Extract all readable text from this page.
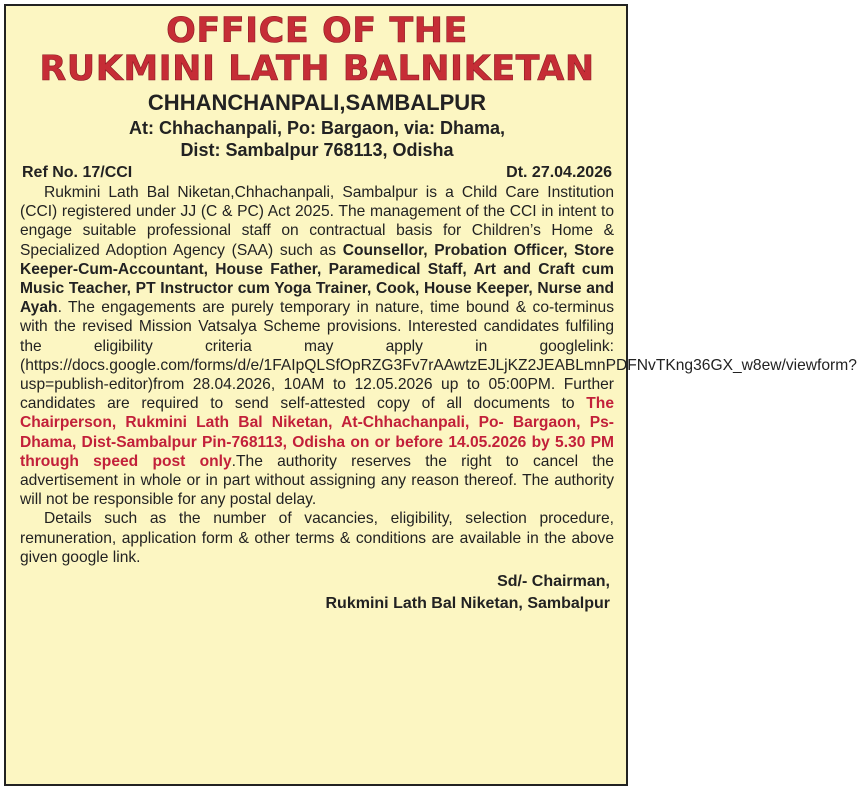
OFFICE OF THE
RUKMINI LATH BALNIKETAN
CHHANCHANPALI,SAMBALPUR
At: Chhachanpali, Po: Bargaon, via: Dhama,
Dist: Sambalpur 768113, Odisha
Ref No. 17/CCI	Dt. 27.04.2026

Rukmini Lath Bal Niketan,Chhachanpali, Sambalpur is a Child Care Institution (CCI) registered under JJ (C & PC) Act 2025. The management of the CCI in intent to engage suitable professional staff on contractual basis for Children’s Home & Specialized Adoption Agency (SAA) such as Counsellor, Probation Officer, Store Keeper-Cum-Accountant, House Father, Paramedical Staff, Art and Craft cum Music Teacher, PT Instructor cum Yoga Trainer, Cook, House Keeper, Nurse and Ayah. The engagements are purely temporary in nature, time bound & co-terminus with the revised Mission Vatsalya Scheme provisions. Interested candidates fulfiling the eligibility criteria may apply in googlelink:(https://docs.google.com/forms/d/e/1FAIpQLSfOpRZG3Fv7rAAwtzEJLjKZ2JEABLmnPDFNvTKng36GX_w8ew/viewform?usp=publish-editor)from 28.04.2026, 10AM to 12.05.2026 up to 05:00PM. Further candidates are required to send self-attested copy of all documents to The Chairperson, Rukmini Lath Bal Niketan, At-Chhachanpali, Po- Bargaon, Ps- Dhama, Dist-Sambalpur Pin-768113, Odisha on or before 14.05.2026 by 5.30 PM through speed post only.The authority reserves the right to cancel the advertisement in whole or in part without assigning any reason thereof. The authority will not be responsible for any postal delay.

Details such as the number of vacancies, eligibility, selection procedure, remuneration, application form & other terms & conditions are available in the above given google link.

Sd/- Chairman,
Rukmini Lath Bal Niketan, Sambalpur
